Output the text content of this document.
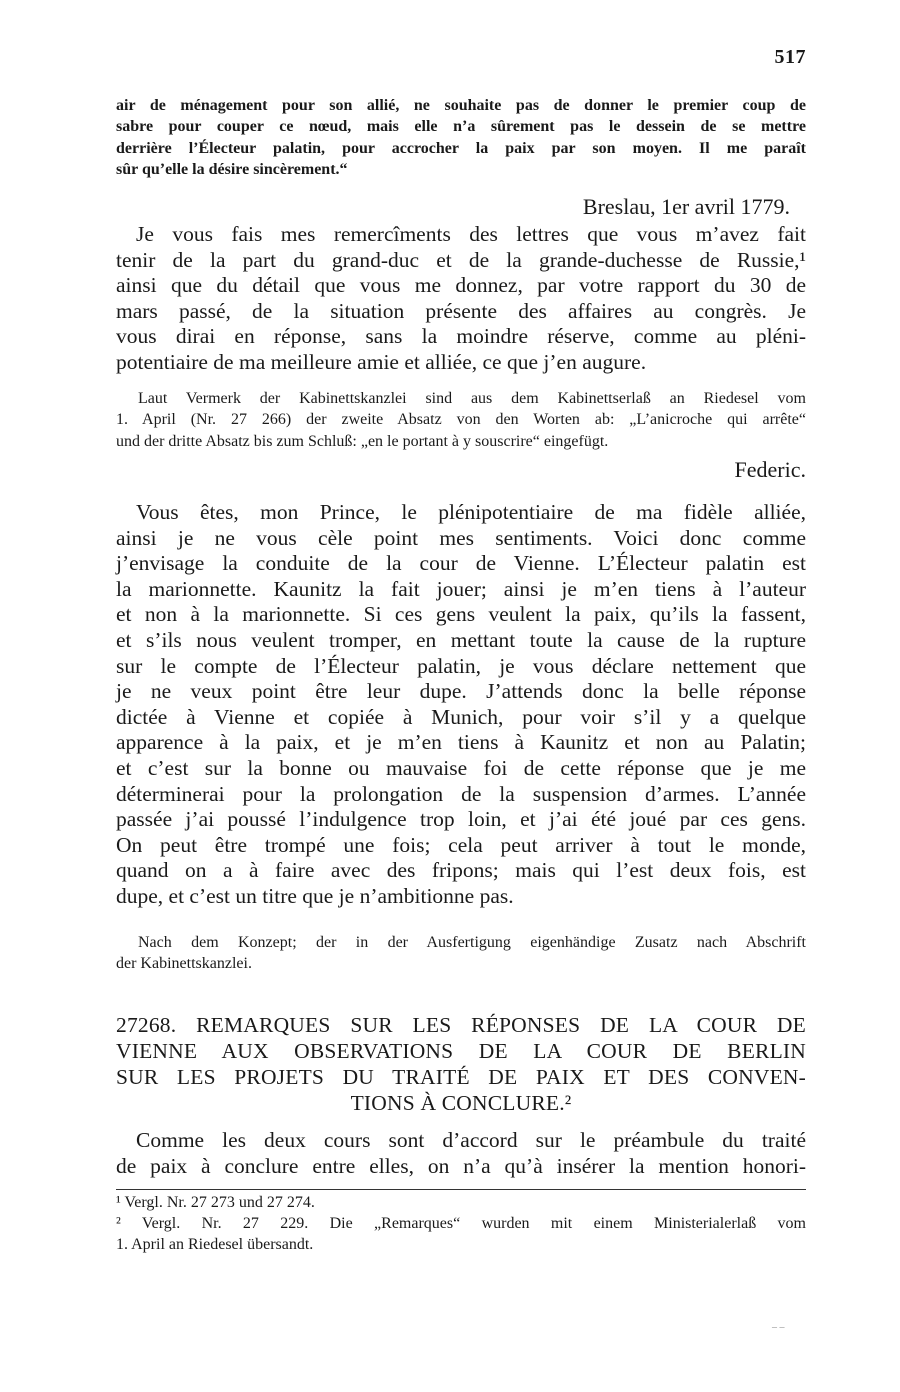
517
air de ménagement pour son allié, ne souhaite pas de donner le premier coup de
sabre pour couper ce nœud, mais elle n’a sûrement pas le dessein de se mettre
derrière l’Électeur palatin, pour accrocher la paix par son moyen. Il me paraît
sûr qu’elle la désire sincèrement.“
Breslau, 1er avril 1779.
Je vous fais mes remercîments des lettres que vous m’avez fait
tenir de la part du grand-duc et de la grande-duchesse de Russie,¹
ainsi que du détail que vous me donnez, par votre rapport du 30 de
mars passé, de la situation présente des affaires au congrès. Je
vous dirai en réponse, sans la moindre réserve, comme au pléni-
potentiaire de ma meilleure amie et alliée, ce que j’en augure.
Laut Vermerk der Kabinettskanzlei sind aus dem Kabinettserlaß an Riedesel vom
1. April (Nr. 27 266) der zweite Absatz von den Worten ab: „L’anicroche qui arrête“
und der dritte Absatz bis zum Schluß: „en le portant à y souscrire“ eingefügt.
Federic.
Vous êtes, mon Prince, le plénipotentiaire de ma fidèle alliée,
ainsi je ne vous cèle point mes sentiments. Voici donc comme
j’envisage la conduite de la cour de Vienne. L’Électeur palatin est
la marionnette. Kaunitz la fait jouer; ainsi je m’en tiens à l’auteur
et non à la marionnette. Si ces gens veulent la paix, qu’ils la fassent,
et s’ils nous veulent tromper, en mettant toute la cause de la rupture
sur le compte de l’Électeur palatin, je vous déclare nettement que
je ne veux point être leur dupe. J’attends donc la belle réponse
dictée à Vienne et copiée à Munich, pour voir s’il y a quelque
apparence à la paix, et je m’en tiens à Kaunitz et non au Palatin;
et c’est sur la bonne ou mauvaise foi de cette réponse que je me
déterminerai pour la prolongation de la suspension d’armes. L’année
passée j’ai poussé l’indulgence trop loin, et j’ai été joué par ces gens.
On peut être trompé une fois; cela peut arriver à tout le monde,
quand on a à faire avec des fripons; mais qui l’est deux fois, est
dupe, et c’est un titre que je n’ambitionne pas.
Nach dem Konzept; der in der Ausfertigung eigenhändige Zusatz nach Abschrift
der Kabinettskanzlei.
27268. REMARQUES SUR LES RÉPONSES DE LA COUR DE
VIENNE AUX OBSERVATIONS DE LA COUR DE BERLIN
SUR LES PROJETS DU TRAITÉ DE PAIX ET DES CONVEN-
TIONS À CONCLURE.²
Comme les deux cours sont d’accord sur le préambule du traité
de paix à conclure entre elles, on n’a qu’à insérer la mention honori-
¹ Vergl. Nr. 27 273 und 27 274.
² Vergl. Nr. 27 229. Die „Remarques“ wurden mit einem Ministerialerlaß vom
1. April an Riedesel übersandt.
– –
